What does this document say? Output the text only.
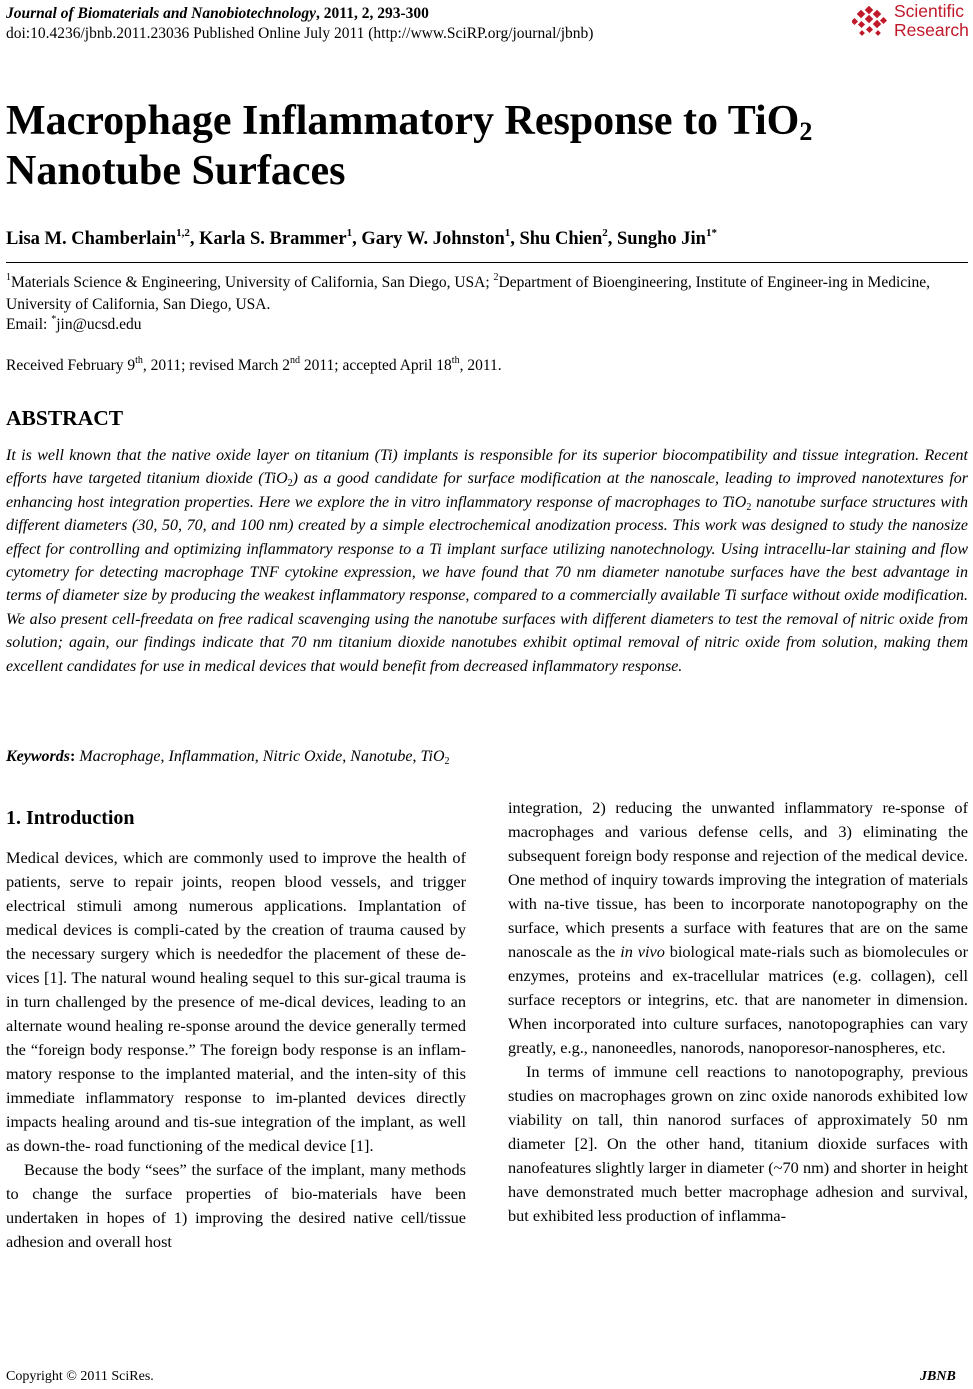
Journal of Biomaterials and Nanobiotechnology, 2011, 2, 293-300
doi:10.4236/jbnb.2011.23036 Published Online July 2011 (http://www.SciRP.org/journal/jbnb)
Scientific
Research
Macrophage Inflammatory Response to TiO$_2$
Nanotube Surfaces
Lisa M. Chamberlain$^{1,2}$, Karla S. Brammer$^1$, Gary W. Johnston$^1$, Shu Chien$^2$, Sungho Jin$^{1*}$
$^1$Materials Science & Engineering, University of California, San Diego, USA; $^2$Department of Bioengineering, Institute of Engineer-ing in Medicine, University of California, San Diego, USA.
Email: *jin@ucsd.edu
Received February 9th, 2011; revised March 2nd 2011; accepted April 18th, 2011.
ABSTRACT
It is well known that the native oxide layer on titanium (Ti) implants is responsible for its superior biocompatibility and tissue integration. Recent efforts have targeted titanium dioxide (TiO$_2$) as a good candidate for surface modification at the nanoscale, leading to improved nanotextures for enhancing host integration properties. Here we explore the in vitro inflammatory response of macrophages to TiO$_2$ nanotube surface structures with different diameters (30, 50, 70, and 100 nm) created by a simple electrochemical anodization process. This work was designed to study the nanosize effect for controlling and optimizing inflammatory response to a Ti implant surface utilizing nanotechnology. Using intracellu-lar staining and flow cytometry for detecting macrophage TNF cytokine expression, we have found that 70 nm diameter nanotube surfaces have the best advantage in terms of diameter size by producing the weakest inflammatory response, compared to a commercially available Ti surface without oxide modification. We also present cell-freedata on free radical scavenging using the nanotube surfaces with different diameters to test the removal of nitric oxide from solution; again, our findings indicate that 70 nm titanium dioxide nanotubes exhibit optimal removal of nitric oxide from solution, making them excellent candidates for use in medical devices that would benefit from decreased inflammatory response.
Keywords: Macrophage, Inflammation, Nitric Oxide, Nanotube, TiO$_2$
1. Introduction

Medical devices, which are commonly used to improve the health of patients, serve to repair joints, reopen blood vessels, and trigger electrical stimuli among numerous applications. Implantation of medical devices is compli-cated by the creation of trauma caused by the necessary surgery which is neededfor the placement of these de-vices [1]. The natural wound healing sequel to this sur-gical trauma is in turn challenged by the presence of me-dical devices, leading to an alternate wound healing re-sponse around the device generally termed the “foreign body response.” The foreign body response is an inflam-matory response to the implanted material, and the inten-sity of this immediate inflammatory response to im-planted devices directly impacts healing around and tis-sue integration of the implant, as well as down-the- road functioning of the medical device [1].

Because the body “sees” the surface of the implant, many methods to change the surface properties of bio-materials have been undertaken in hopes of 1) improving the desired native cell/tissue adhesion and overall host

integration, 2) reducing the unwanted inflammatory re-sponse of macrophages and various defense cells, and 3) eliminating the subsequent foreign body response and rejection of the medical device. One method of inquiry towards improving the integration of materials with na-tive tissue, has been to incorporate nanotopography on the surface, which presents a surface with features that are on the same nanoscale as the in vivo biological mate-rials such as biomolecules or enzymes, proteins and ex-tracellular matrices (e.g. collagen), cell surface receptors or integrins, etc. that are nanometer in dimension. When incorporated into culture surfaces, nanotopographies can vary greatly, e.g., nanoneedles, nanorods, nanoporesor-nanospheres, etc.

In terms of immune cell reactions to nanotopography, previous studies on macrophages grown on zinc oxide nanorods exhibited low viability on tall, thin nanorod surfaces of approximately 50 nm diameter [2]. On the other hand, titanium dioxide surfaces with nanofeatures slightly larger in diameter (~70 nm) and shorter in height have demonstrated much better macrophage adhesion and survival, but exhibited less production of inflamma-

Copyright © 2011 SciRes.	JBNB
